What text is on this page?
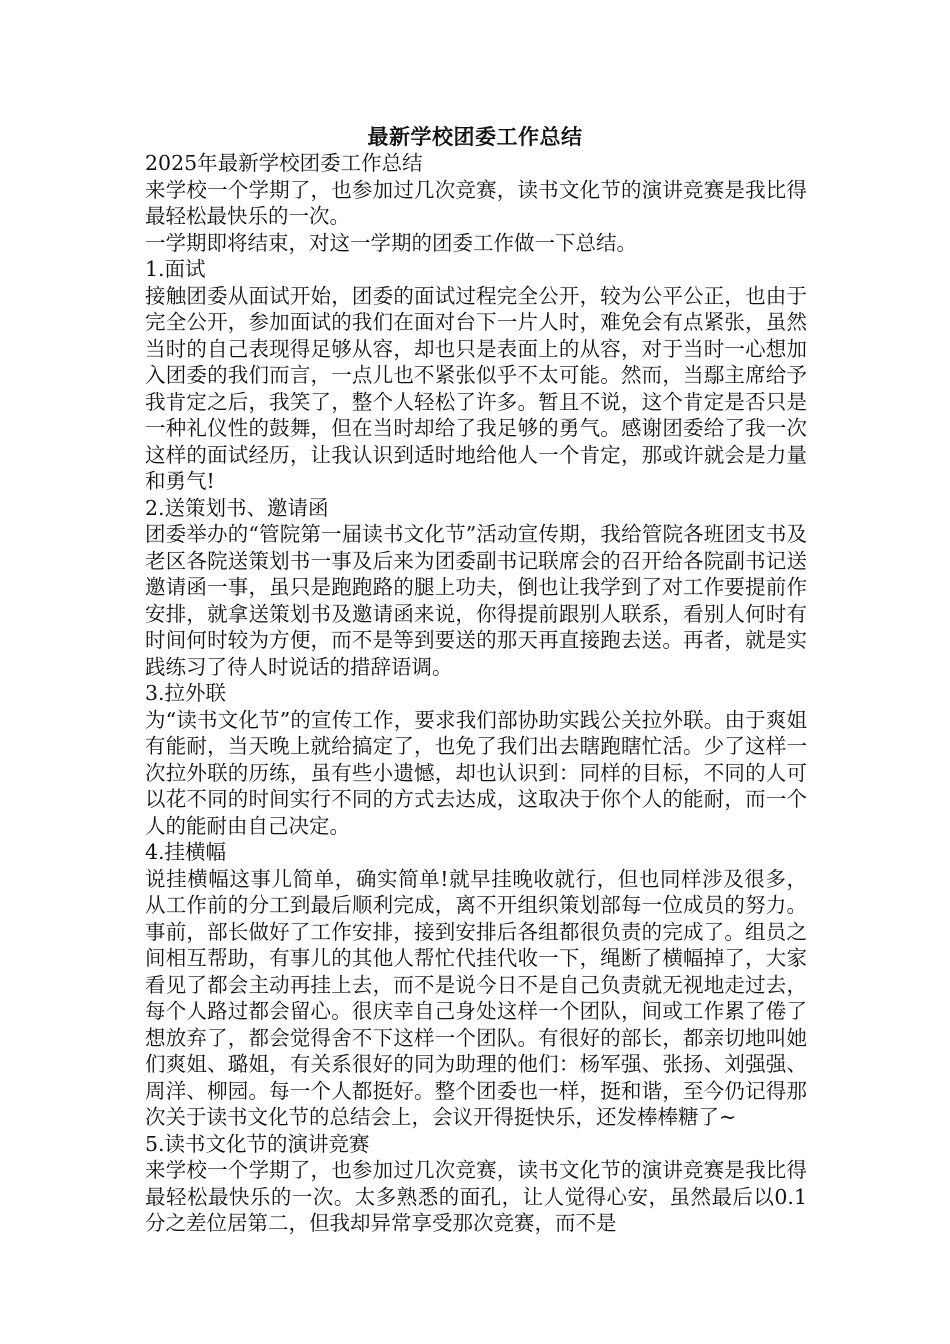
最新学校团委工作总结

2025年最新学校团委工作总结

来学校一个学期了，也参加过几次竞赛，读书文化节的演讲竞赛是我比得最轻松最快乐的一次。

一学期即将结束，对这一学期的团委工作做一下总结。

1.面试

接触团委从面试开始，团委的面试过程完全公开，较为公平公正，也由于完全公开，参加面试的我们在面对台下一片人时，难免会有点紧张，虽然当时的自己表现得足够从容，却也只是表面上的从容，对于当时一心想加入团委的我们而言，一点儿也不紧张似乎不太可能。然而，当鄢主席给予我肯定之后，我笑了，整个人轻松了许多。暂且不说，这个肯定是否只是一种礼仪性的鼓舞，但在当时却给了我足够的勇气。感谢团委给了我一次这样的面试经历，让我认识到适时地给他人一个肯定，那或许就会是力量和勇气!

2.送策划书、邀请函

团委举办的“管院第一届读书文化节”活动宣传期，我给管院各班团支书及老区各院送策划书一事及后来为团委副书记联席会的召开给各院副书记送邀请函一事，虽只是跑跑路的腿上功夫，倒也让我学到了对工作要提前作安排，就拿送策划书及邀请函来说，你得提前跟别人联系，看别人何时有时间何时较为方便，而不是等到要送的那天再直接跑去送。再者，就是实践练习了待人时说话的措辞语调。

3.拉外联

为“读书文化节”的宣传工作，要求我们部协助实践公关拉外联。由于爽姐有能耐，当天晚上就给搞定了，也免了我们出去瞎跑瞎忙活。少了这样一次拉外联的历练，虽有些小遗憾，却也认识到：同样的目标，不同的人可以花不同的时间实行不同的方式去达成，这取决于你个人的能耐，而一个人的能耐由自己决定。

4.挂横幅

说挂横幅这事儿简单，确实简单!就早挂晚收就行，但也同样涉及很多，从工作前的分工到最后顺利完成，离不开组织策划部每一位成员的努力。事前，部长做好了工作安排，接到安排后各组都很负责的完成了。组员之间相互帮助，有事儿的其他人帮忙代挂代收一下，绳断了横幅掉了，大家看见了都会主动再挂上去，而不是说今日不是自己负责就无视地走过去，每个人路过都会留心。很庆幸自己身处这样一个团队，间或工作累了倦了想放弃了，都会觉得舍不下这样一个团队。有很好的部长，都亲切地叫她们爽姐、璐姐，有关系很好的同为助理的他们：杨军强、张扬、刘强强、周洋、柳园。每一个人都挺好。整个团委也一样，挺和谐，至今仍记得那次关于读书文化节的总结会上，会议开得挺快乐，还发棒棒糖了~

5.读书文化节的演讲竞赛

来学校一个学期了，也参加过几次竞赛，读书文化节的演讲竞赛是我比得最轻松最快乐的一次。太多熟悉的面孔，让人觉得心安，虽然最后以0.1分之差位居第二，但我却异常享受那次竞赛，而不是
